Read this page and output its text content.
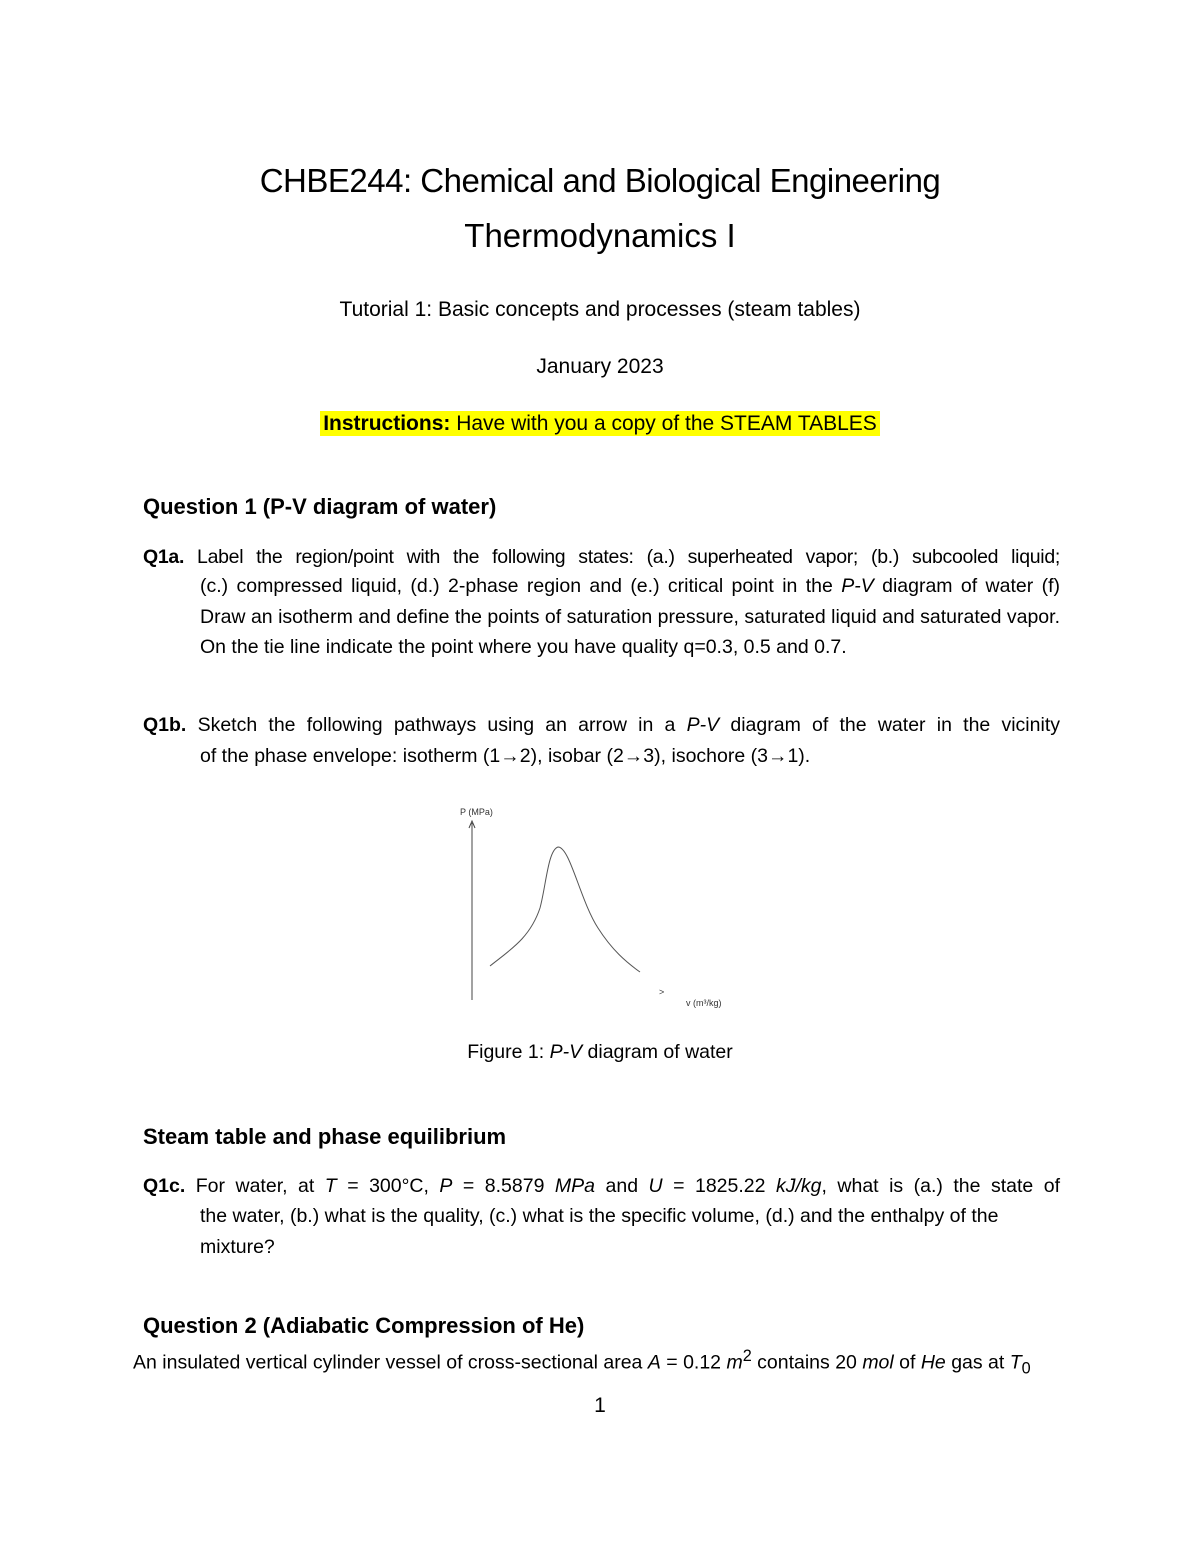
CHBE244: Chemical and Biological Engineering
Thermodynamics I
Tutorial 1: Basic concepts and processes (steam tables)
January 2023
Instructions: Have with you a copy of the STEAM TABLES
Question 1 (P-V diagram of water)
Q1a. Label the region/point with the following states: (a.) superheated vapor; (b.) subcooled liquid;
(c.) compressed liquid, (d.) 2-phase region and (e.) critical point in the P-V diagram of water (f) Draw an isotherm and define the points of saturation pressure, saturated liquid and saturated vapor. On the tie line indicate the point where you have quality q=0.3, 0.5 and 0.7.
Q1b. Sketch the following pathways using an arrow in a P-V diagram of the water in the vicinity
of the phase envelope: isotherm (1→2), isobar (2→3), isochore (3→1).
P (MPa)
>
v (m³/kg)
Figure 1: P-V diagram of water
Steam table and phase equilibrium
Q1c. For water, at T = 300°C, P = 8.5879 MPa and U = 1825.22 kJ/kg, what is (a.) the state of
the water, (b.) what is the quality, (c.) what is the specific volume, (d.) and the enthalpy of the mixture?
Question 2 (Adiabatic Compression of He)
An insulated vertical cylinder vessel of cross-sectional area A = 0.12 $m^2$ contains 20 mol of He gas at $T_0$
1
